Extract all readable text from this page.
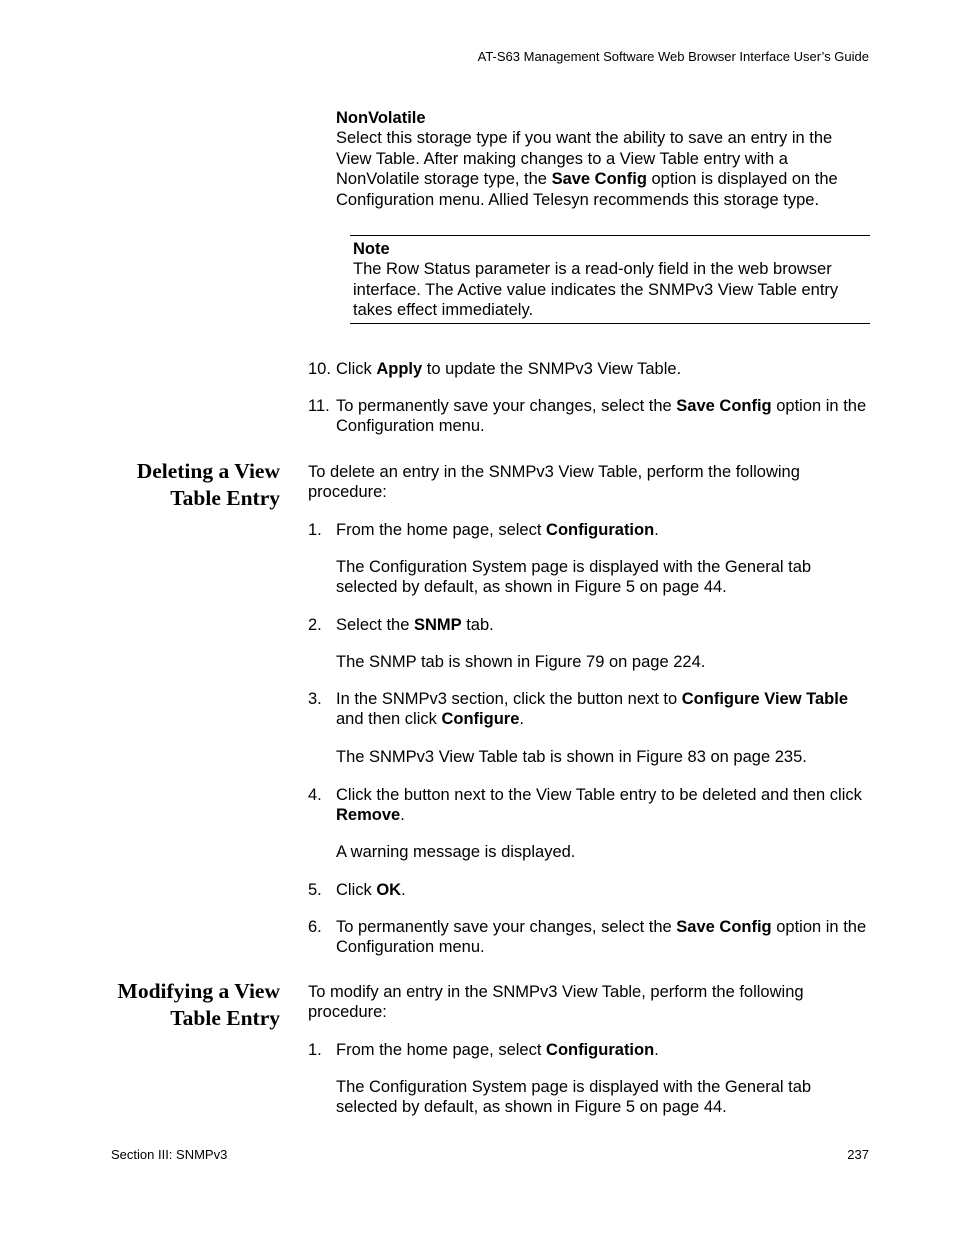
AT-S63 Management Software Web Browser Interface User’s Guide
NonVolatile
Select this storage type if you want the ability to save an entry in the View Table. After making changes to a View Table entry with a NonVolatile storage type, the Save Config option is displayed on the Configuration menu. Allied Telesyn recommends this storage type.
Note
The Row Status parameter is a read-only field in the web browser interface. The Active value indicates the SNMPv3 View Table entry takes effect immediately.
10. Click Apply to update the SNMPv3 View Table.
11. To permanently save your changes, select the Save Config option in the Configuration menu.
Deleting a View
Table Entry
To delete an entry in the SNMPv3 View Table, perform the following procedure:
1. From the home page, select Configuration.
The Configuration System page is displayed with the General tab selected by default, as shown in Figure 5 on page 44.
2. Select the SNMP tab.
The SNMP tab is shown in Figure 79 on page 224.
3. In the SNMPv3 section, click the button next to Configure View Table and then click Configure.
The SNMPv3 View Table tab is shown in Figure 83 on page 235.
4. Click the button next to the View Table entry to be deleted and then click Remove.
A warning message is displayed.
5. Click OK.
6. To permanently save your changes, select the Save Config option in the Configuration menu.
Modifying a View
Table Entry
To modify an entry in the SNMPv3 View Table, perform the following procedure:
1. From the home page, select Configuration.
The Configuration System page is displayed with the General tab selected by default, as shown in Figure 5 on page 44.
Section III: SNMPv3	237
